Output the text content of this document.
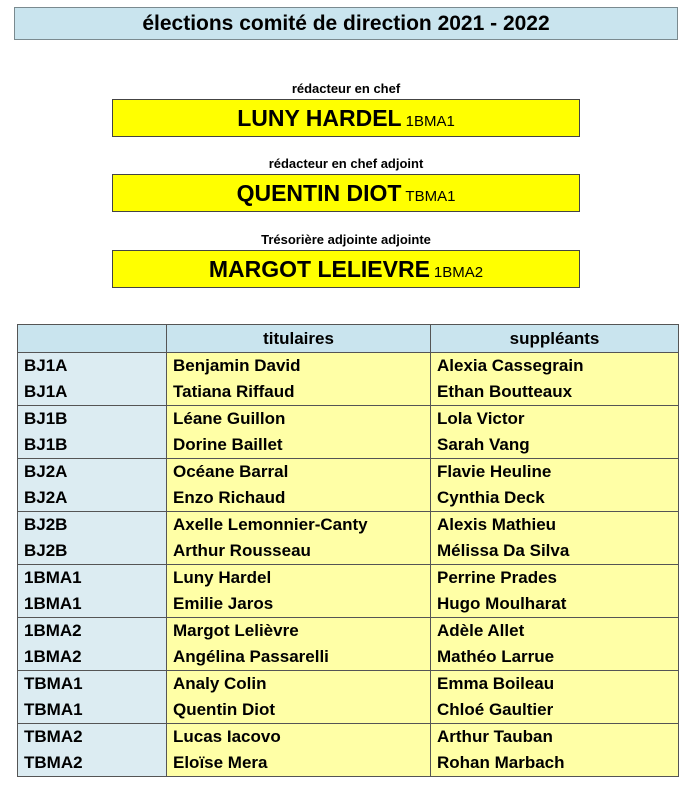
élections comité de direction 2021 - 2022
rédacteur en chef
LUNY HARDEL 1BMA1
rédacteur en chef adjoint
QUENTIN DIOT TBMA1
Trésorière adjointe adjointe
MARGOT LELIEVRE 1BMA2
	titulaires	suppléants
BJ1A	Benjamin David	Alexia Cassegrain
BJ1A	Tatiana Riffaud	Ethan Boutteaux
BJ1B	Léane Guillon	Lola Victor
BJ1B	Dorine Baillet	Sarah Vang
BJ2A	Océane Barral	Flavie Heuline
BJ2A	Enzo Richaud	Cynthia Deck
BJ2B	Axelle Lemonnier-Canty	Alexis Mathieu
BJ2B	Arthur Rousseau	Mélissa Da Silva
1BMA1	Luny Hardel	Perrine Prades
1BMA1	Emilie Jaros	Hugo Moulharat
1BMA2	Margot Lelièvre	Adèle Allet
1BMA2	Angélina Passarelli	Mathéo Larrue
TBMA1	Analy Colin	Emma Boileau
TBMA1	Quentin Diot	Chloé Gaultier
TBMA2	Lucas Iacovo	Arthur Tauban
TBMA2	Eloïse Mera	Rohan Marbach
